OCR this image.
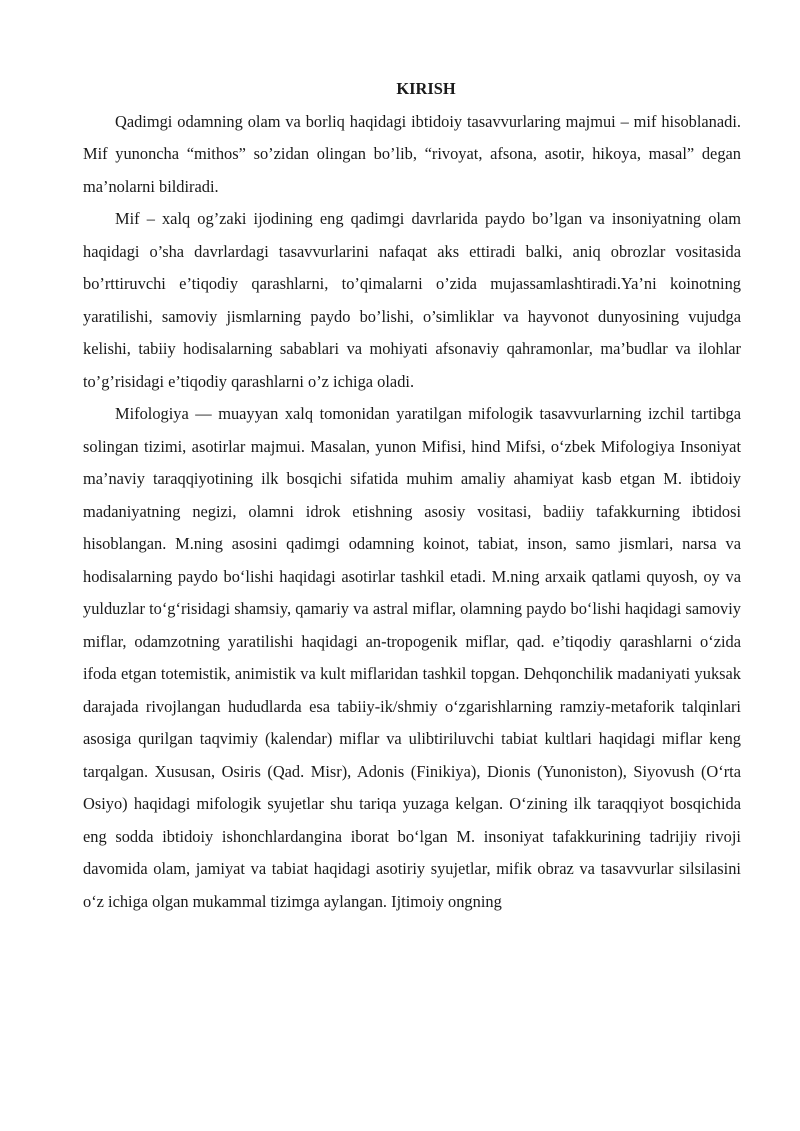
KIRISH

Qadimgi odamning olam va borliq haqidagi ibtidoiy tasavvurlaring majmui – mif hisoblanadi. Mif yunoncha “mithos” so’zidan olingan bo’lib, “rivoyat, afsona, asotir, hikoya, masal” degan ma’nolarni bildiradi.

Mif – xalq og’zaki ijodining eng qadimgi davrlarida paydo bo’lgan va insoniyatning olam haqidagi o’sha davrlardagi tasavvurlarini nafaqat aks ettiradi balki, aniq obrozlar vositasida bo’rttiruvchi e’tiqodiy qarashlarni, to’qimalarni o’zida mujassamlashtiradi.Ya’ni koinotning yaratilishi, samoviy jismlarning paydo bo’lishi, o’simliklar va hayvonot dunyosining vujudga kelishi, tabiiy hodisalarning sabablari va mohiyati afsonaviy qahramonlar, ma’budlar va ilohlar to’g’risidagi e’tiqodiy qarashlarni o’z ichiga oladi.

Mifologiya — muayyan xalq tomonidan yaratilgan mifologik tasavvurlarning izchil tartibga solingan tizimi, asotirlar majmui. Masalan, yunon Mifisi, hind Mifsi, o‘zbek Mifologiya Insoniyat ma’naviy taraqqiyotining ilk bosqichi sifatida muhim amaliy ahamiyat kasb etgan M. ibtidoiy madaniyatning negizi, olamni idrok etishning asosiy vositasi, badiiy tafakkurning ibtidosi hisoblangan. M.ning asosini qadimgi odamning koinot, tabiat, inson, samo jismlari, narsa va hodisalarning paydo bo‘lishi haqidagi asotirlar tashkil etadi. M.ning arxaik qatlami quyosh, oy va yulduzlar to‘g‘risidagi shamsiy, qamariy va astral miflar, olamning paydo bo‘lishi haqidagi samoviy miflar, odamzotning yaratilishi haqidagi an-tropogenik miflar, qad. e’tiqodiy qarashlarni o‘zida ifoda etgan totemistik, animistik va kult miflaridan tashkil topgan. Dehqonchilik madaniyati yuksak darajada rivojlangan hududlarda esa tabiiy-ik/shmiy o‘zgarishlarning ramziy-metaforik talqinlari asosiga qurilgan taqvimiy (kalendar) miflar va ulibtiriluvchi tabiat kultlari haqidagi miflar keng tarqalgan. Xususan, Osiris (Qad. Misr), Adonis (Finikiya), Dionis (Yunoniston), Siyovush (O‘rta Osiyo) haqidagi mifologik syujetlar shu tariqa yuzaga kelgan. O‘zining ilk taraqqiyot bosqichida eng sodda ibtidoiy ishonchlardangina iborat bo‘lgan M. insoniyat tafakkurining tadrijiy rivoji davomida olam, jamiyat va tabiat haqidagi asotiriy syujetlar, mifik obraz va tasavvurlar silsilasini o‘z ichiga olgan mukammal tizimga aylangan. Ijtimoiy ongning
